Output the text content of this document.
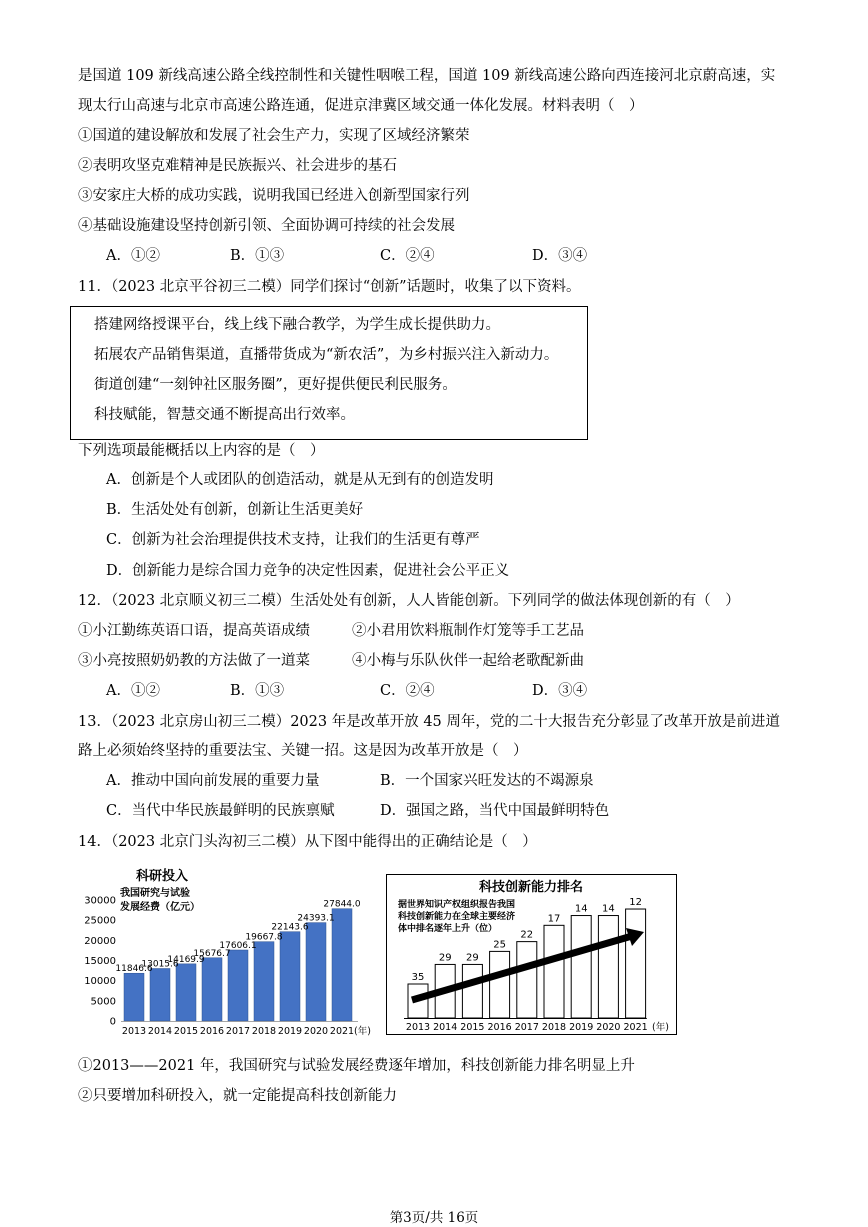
是国道 109 新线高速公路全线控制性和关键性咽喉工程，国道 109 新线高速公路向西连接河北京蔚高速，实
现太行山高速与北京市高速公路连通，促进京津冀区域交通一体化发展。材料表明（　）
①国道的建设解放和发展了社会生产力，实现了区域经济繁荣
②表明攻坚克难精神是民族振兴、社会进步的基石
③安家庄大桥的成功实践，说明我国已经进入创新型国家行列
④基础设施建设坚持创新引领、全面协调可持续的社会发展
A．①②	B．①③	C．②④	D．③④
11．（2023 北京平谷初三二模）同学们探讨“创新”话题时，收集了以下资料。
搭建网络授课平台，线上线下融合教学，为学生成长提供助力。
拓展农产品销售渠道，直播带货成为“新农活”，为乡村振兴注入新动力。
街道创建“一刻钟社区服务圈”，更好提供便民利民服务。
科技赋能，智慧交通不断提高出行效率。
下列选项最能概括以上内容的是（　）
A．创新是个人或团队的创造活动，就是从无到有的创造发明
B．生活处处有创新，创新让生活更美好
C．创新为社会治理提供技术支持，让我们的生活更有尊严
D．创新能力是综合国力竞争的决定性因素，促进社会公平正义
12．（2023 北京顺义初三二模）生活处处有创新，人人皆能创新。下列同学的做法体现创新的有（　）
①小江勤练英语口语，提高英语成绩	②小君用饮料瓶制作灯笼等手工艺品
③小亮按照奶奶教的方法做了一道菜	④小梅与乐队伙伴一起给老歌配新曲
A．①②	B．①③	C．②④	D．③④
13．（2023 北京房山初三二模）2023 年是改革开放 45 周年，党的二十大报告充分彰显了改革开放是前进道
路上必须始终坚持的重要法宝、关键一招。这是因为改革开放是（　）
A．推动中国向前发展的重要力量	B．一个国家兴旺发达的不竭源泉
C．当代中华民族最鲜明的民族禀赋	D．强国之路，当代中国最鲜明特色
14．（2023 北京门头沟初三二模）从下图中能得出的正确结论是（　）
科研投入
我国研究与试验
发展经费（亿元）
0
5000
10000
15000
20000
25000
30000
11846.6
13015.6
14169.9
15676.7
17606.1
19667.8
22143.6
24393.1
27844.0
2013 2014 2015 2016 2017 2018 2019 2020 2021 (年)
科技创新能力排名
据世界知识产权组织报告我国
科技创新能力在全球主要经济
体中排名逐年上升（位）
35
29 29
25
22
17
14 14
12
2013 2014 2015 2016 2017 2018 2019 2020 2021 (年)
①2013——2021 年，我国研究与试验发展经费逐年增加，科技创新能力排名明显上升
②只要增加科研投入，就一定能提高科技创新能力
第3页/共 16页
